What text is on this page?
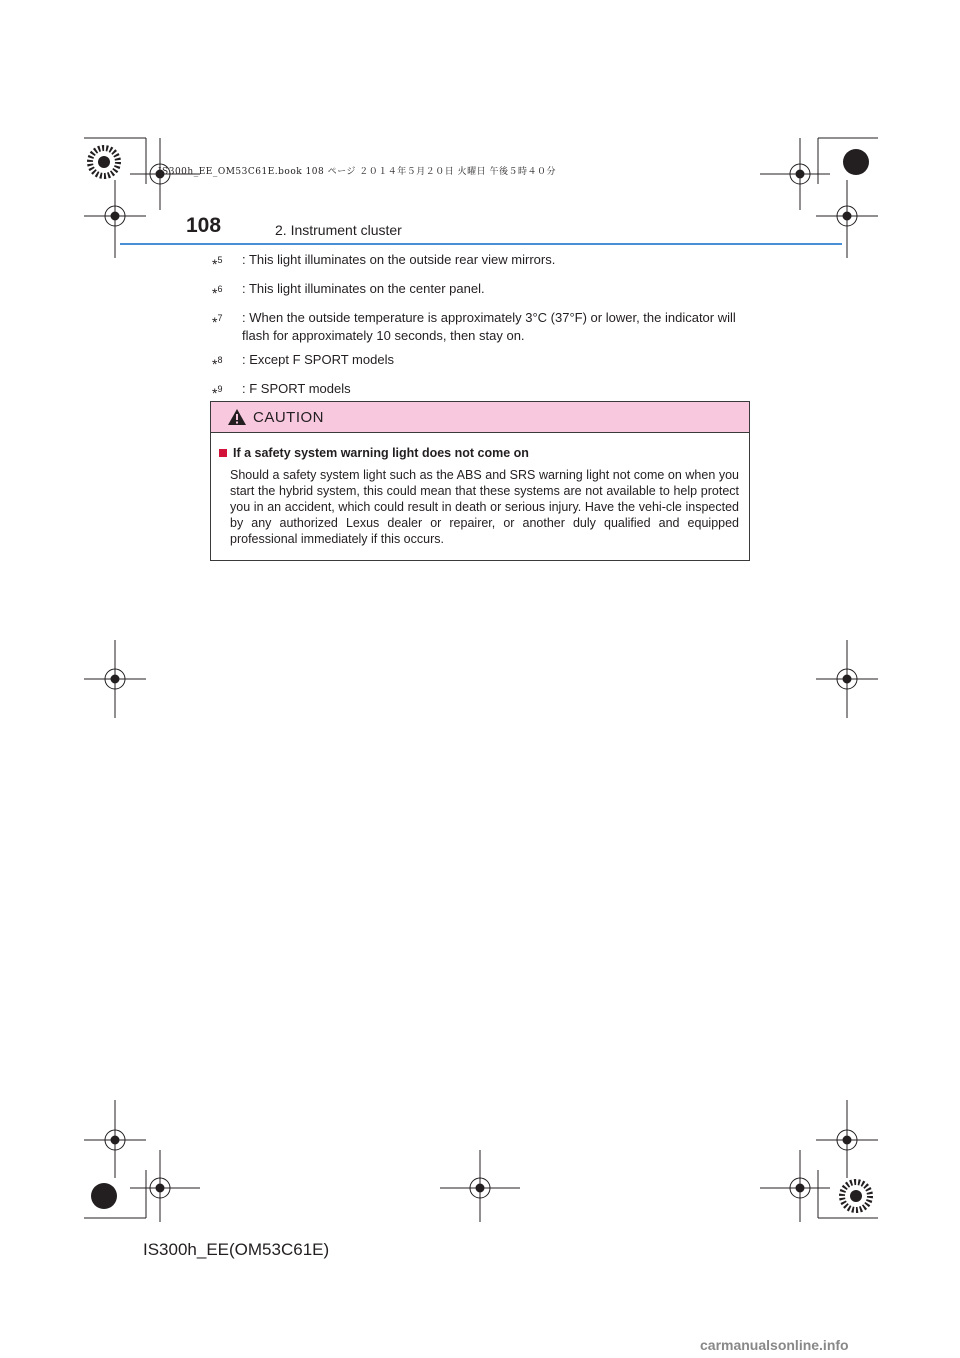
IS300h_EE_OM53C61E.book 108 ページ ２０１４年５月２０日 火曜日 午後５時４０分
108	2. Instrument cluster
*$^5$	: This light illuminates on the outside rear view mirrors.
*$^6$	: This light illuminates on the center panel.
*$^7$	: When the outside temperature is approximately 3°C (37°F) or lower, the indicator will flash for approximately 10 seconds, then stay on.
*$^8$	: Except F SPORT models
*$^9$	: F SPORT models
CAUTION
If a safety system warning light does not come on
Should a safety system light such as the ABS and SRS warning light not come on when you start the hybrid system, this could mean that these systems are not available to help protect you in an accident, which could result in death or serious injury. Have the vehi-cle inspected by any authorized Lexus dealer or repairer, or another duly qualified and equipped professional immediately if this occurs.
IS300h_EE(OM53C61E)
carmanualsonline.info
